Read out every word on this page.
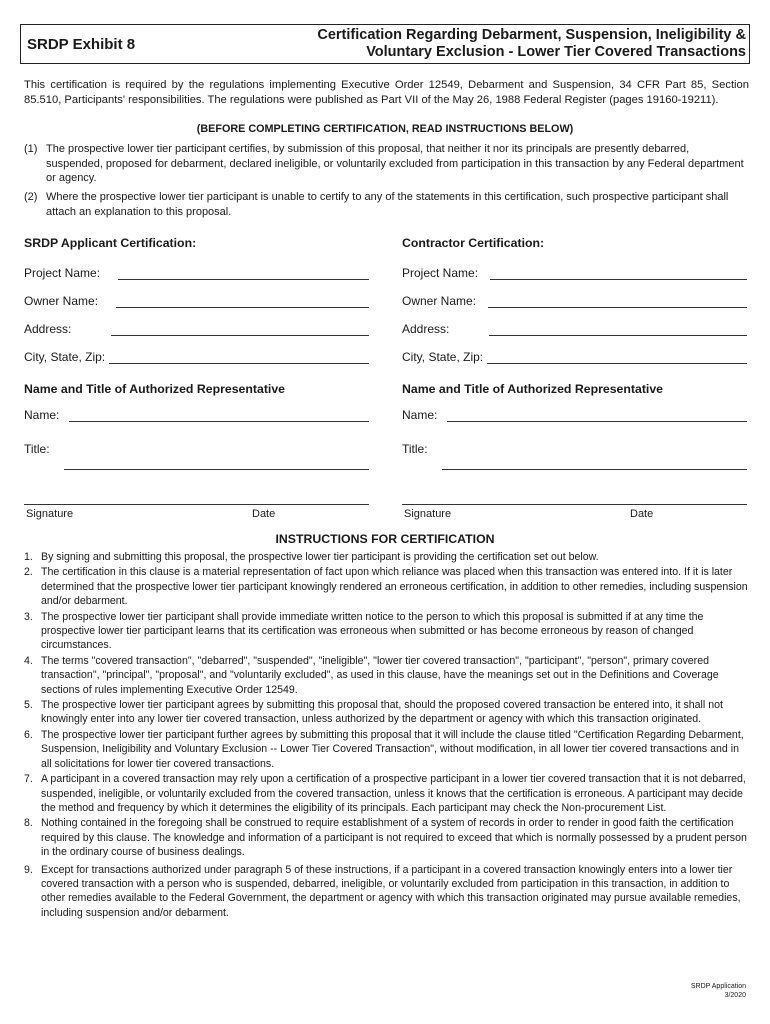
SRDP Exhibit 8
Certification Regarding Debarment, Suspension, Ineligibility &
Voluntary Exclusion - Lower Tier Covered Transactions
This certification is required by the regulations implementing Executive Order 12549, Debarment and Suspension, 34 CFR Part 85, Section 85.510, Participants' responsibilities. The regulations were published as Part VII of the May 26, 1988 Federal Register (pages 19160-19211).
(BEFORE COMPLETING CERTIFICATION, READ INSTRUCTIONS BELOW)
(1) The prospective lower tier participant certifies, by submission of this proposal, that neither it nor its principals are presently debarred, suspended, proposed for debarment, declared ineligible, or voluntarily excluded from participation in this transaction by any Federal department or agency.
(2) Where the prospective lower tier participant is unable to certify to any of the statements in this certification, such prospective participant shall attach an explanation to this proposal.
SRDP Applicant Certification:
Project Name:
Owner Name:
Address:
City, State, Zip:
Name and Title of Authorized Representative
Name:
Title:
Signature	Date
Contractor Certification:
Project Name:
Owner Name:
Address:
City, State, Zip:
Name and Title of Authorized Representative
Name:
Title:
Signature	Date
INSTRUCTIONS FOR CERTIFICATION
1. By signing and submitting this proposal, the prospective lower tier participant is providing the certification set out below.
2. The certification in this clause is a material representation of fact upon which reliance was placed when this transaction was entered into. If it is later determined that the prospective lower tier participant knowingly rendered an erroneous certification, in addition to other remedies, including suspension and/or debarment.
3. The prospective lower tier participant shall provide immediate written notice to the person to which this proposal is submitted if at any time the prospective lower tier participant learns that its certification was erroneous when submitted or has become erroneous by reason of changed circumstances.
4. The terms "covered transaction", "debarred", "suspended", "ineligible", "lower tier covered transaction", "participant", "person", primary covered transaction", "principal", "proposal", and "voluntarily excluded", as used in this clause, have the meanings set out in the Definitions and Coverage sections of rules implementing Executive Order 12549.
5. The prospective lower tier participant agrees by submitting this proposal that, should the proposed covered transaction be entered into, it shall not knowingly enter into any lower tier covered transaction, unless authorized by the department or agency with which this transaction originated.
6. The prospective lower tier participant further agrees by submitting this proposal that it will include the clause titled "Certification Regarding Debarment, Suspension, Ineligibility and Voluntary Exclusion -- Lower Tier Covered Transaction", without modification, in all lower tier covered transactions and in all solicitations for lower tier covered transactions.
7. A participant in a covered transaction may rely upon a certification of a prospective participant in a lower tier covered transaction that it is not debarred, suspended, ineligible, or voluntarily excluded from the covered transaction, unless it knows that the certification is erroneous. A participant may decide the method and frequency by which it determines the eligibility of its principals. Each participant may check the Non-procurement List.
8. Nothing contained in the foregoing shall be construed to require establishment of a system of records in order to render in good faith the certification required by this clause. The knowledge and information of a participant is not required to exceed that which is normally possessed by a prudent person in the ordinary course of business dealings.
9. Except for transactions authorized under paragraph 5 of these instructions, if a participant in a covered transaction knowingly enters into a lower tier covered transaction with a person who is suspended, debarred, ineligible, or voluntarily excluded from participation in this transaction, in addition to other remedies available to the Federal Government, the department or agency with which this transaction originated may pursue available remedies, including suspension and/or debarment.
SRDP Application
3/2020
